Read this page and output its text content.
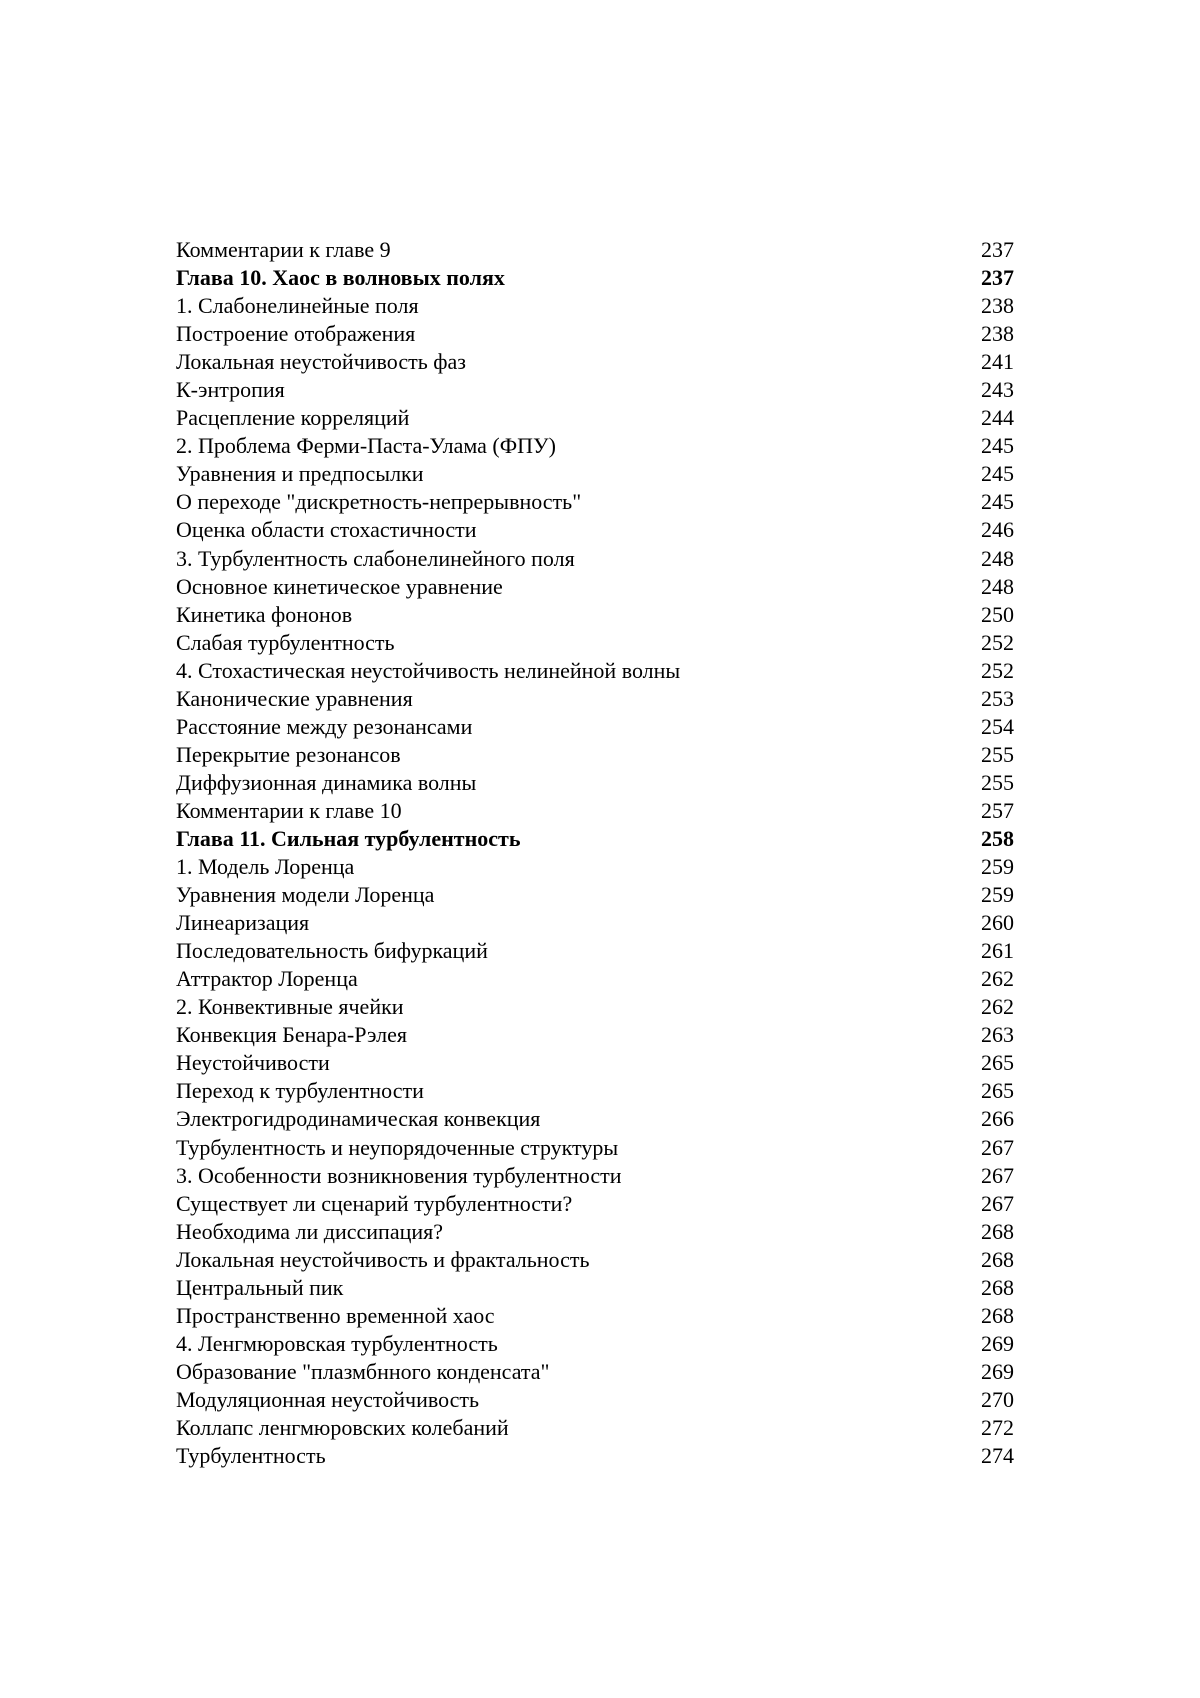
Комментарии к главе 9	237
Глава 10. Хаос в волновых полях	237
1. Слабонелинейные поля	238
Построение отображения	238
Локальная неустойчивость фаз	241
К-энтропия	243
Расцепление корреляций	244
2. Проблема Ферми-Паста-Улама (ФПУ)	245
Уравнения и предпосылки	245
О переходе "дискретность-непрерывность"	245
Оценка области стохастичности	246
3. Турбулентность слабонелинейного поля	248
Основное кинетическое уравнение	248
Кинетика фононов	250
Слабая турбулентность	252
4. Стохастическая неустойчивость нелинейной волны	252
Канонические уравнения	253
Расстояние между резонансами	254
Перекрытие резонансов	255
Диффузионная динамика волны	255
Комментарии к главе 10	257
Глава 11. Сильная турбулентность	258
1. Модель Лоренца	259
Уравнения модели Лоренца	259
Линеаризация	260
Последовательность бифуркаций	261
Аттрактор Лоренца	262
2. Конвективные ячейки	262
Конвекция Бенара-Рэлея	263
Неустойчивости	265
Переход к турбулентности	265
Электрогидродинамическая конвекция	266
Турбулентность и неупорядоченные структуры	267
3. Особенности возникновения турбулентности	267
Существует ли сценарий турбулентности?	267
Необходима ли диссипация?	268
Локальная неустойчивость и фрактальность	268
Центральный пик	268
Пространственно временной хаос	268
4. Ленгмюровская турбулентность	269
Образование "плазмбнного конденсата"	269
Модуляционная неустойчивость	270
Коллапс ленгмюровских колебаний	272
Турбулентность	274
